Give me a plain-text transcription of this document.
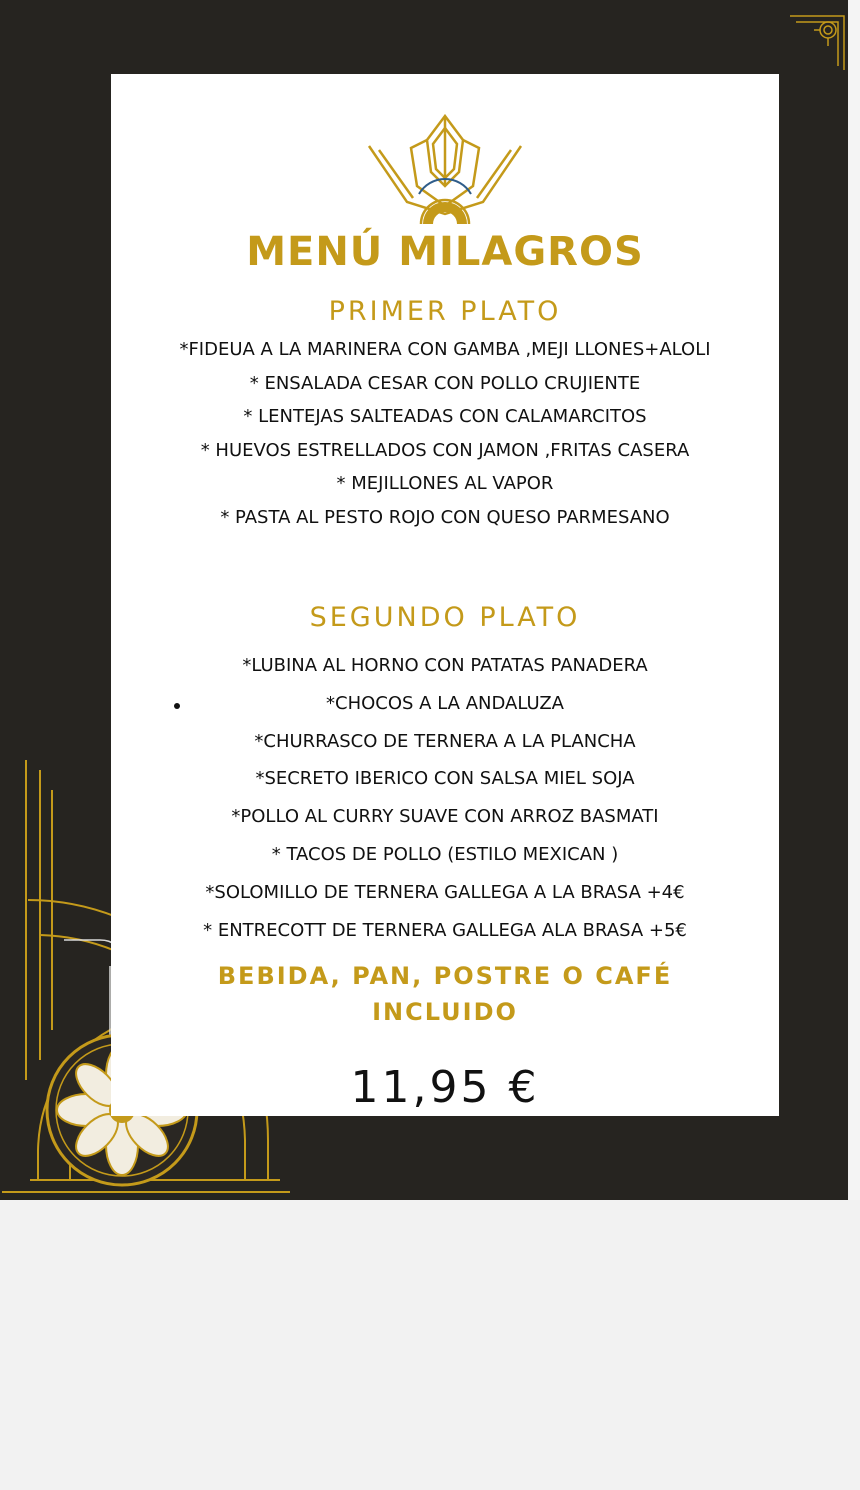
MENÚ MILAGROS
PRIMER PLATO
*FIDEUA A LA MARINERA CON GAMBA ,MEJI LLONES+ALOLI
* ENSALADA CESAR CON POLLO CRUJIENTE
* LENTEJAS SALTEADAS CON CALAMARCITOS
* HUEVOS ESTRELLADOS CON JAMON ,FRITAS CASERA
* MEJILLONES AL VAPOR
* PASTA AL PESTO ROJO CON QUESO PARMESANO
SEGUNDO PLATO
*LUBINA AL HORNO CON PATATAS PANADERA
*CHOCOS A LA ANDALUZA
*CHURRASCO DE TERNERA A LA PLANCHA
*SECRETO IBERICO CON SALSA MIEL SOJA
*POLLO AL CURRY SUAVE CON ARROZ BASMATI
* TACOS DE POLLO (ESTILO MEXICAN )
*SOLOMILLO DE TERNERA GALLEGA A LA BRASA +4€
* ENTRECOTT DE TERNERA GALLEGA ALA BRASA +5€
BEBIDA, PAN, POSTRE O CAFÉ
INCLUIDO
11,95 €
